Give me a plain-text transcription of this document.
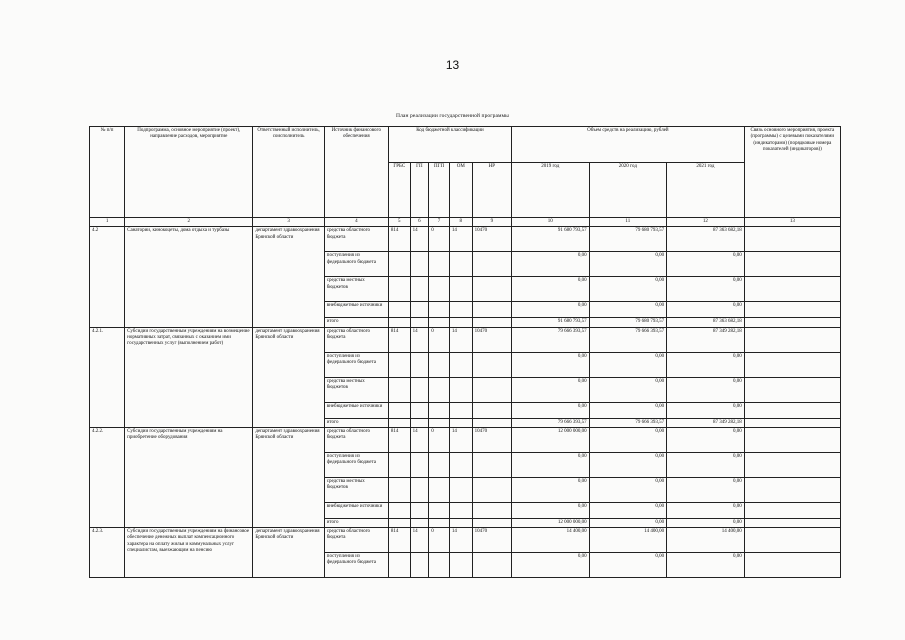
13
План реализации государственной программы
№ п/п	Подпрограмма, основное мероприятие (проект), направление расходов, мероприятие	Ответственный исполнитель, соисполнитель	Источник финансового обеспечения	Код бюджетной классификации					Объем средств на реализацию, рублей			Связь основного мероприятия, проекта (программы) с целевыми показателями (индикаторами) (порядковые номера показателей (индикаторов))
				ГРБС	ГП	ПГП	ОМ	НР	2019 год	2020 год	2021 год	
1	2	3	4	5	6	7	8	9	10	11	12	13
4.2	Санатории, кинокоцеты, дома отдыха и турбазы	департамент здравоохранения Брянской области	средства областного бюджета	814	14	0	14	10470	91 680 793,57	79 680 793,57	87 363 682,18	
			поступления из федерального бюджета						0,00	0,00	0,00	
			средства местных бюджетов						0,00	0,00	0,00	
			внебюджетные источники						0,00	0,00	0,00	
			итого						91 680 793,57	79 680 793,57	87 363 682,18	
4.2.1.	Субсидии государственным учреждениям на возмещение нормативных затрат, связанных с оказанием ими государственных услуг (выполнением работ)	департамент здравоохранения Брянской области	средства областного бюджета	814	14	0	14	10470	79 666 393,57	79 666 393,57	87 349 282,18	
			поступления из федерального бюджета						0,00	0,00	0,00	
			средства местных бюджетов						0,00	0,00	0,00	
			внебюджетные источники						0,00	0,00	0,00	
			итого						79 666 393,57	79 666 393,57	87 349 282,18	
4.2.2.	Субсидии государственным учреждениям на приобретение оборудования	департамент здравоохранения Брянской области	средства областного бюджета	814	14	0	14	10470	12 000 000,00	0,00	0,00	
			поступления из федерального бюджета						0,00	0,00	0,00	
			средства местных бюджетов						0,00	0,00	0,00	
			внебюджетные источники						0,00	0,00	0,00	
			итого						12 000 000,00	0,00	0,00	
4.2.3.	Субсидии государственным учреждениям на финансовое обеспечение денежных выплат компенсационного характера на оплату жилья и коммунальных услуг специалистам, выезжающим на пенсию	департамент здравоохранения Брянской области	средства областного бюджета	814	14	0	14	10470	14 400,00	14 400,00	14 400,00	
			поступления из федерального бюджета						0,00	0,00	0,00	
